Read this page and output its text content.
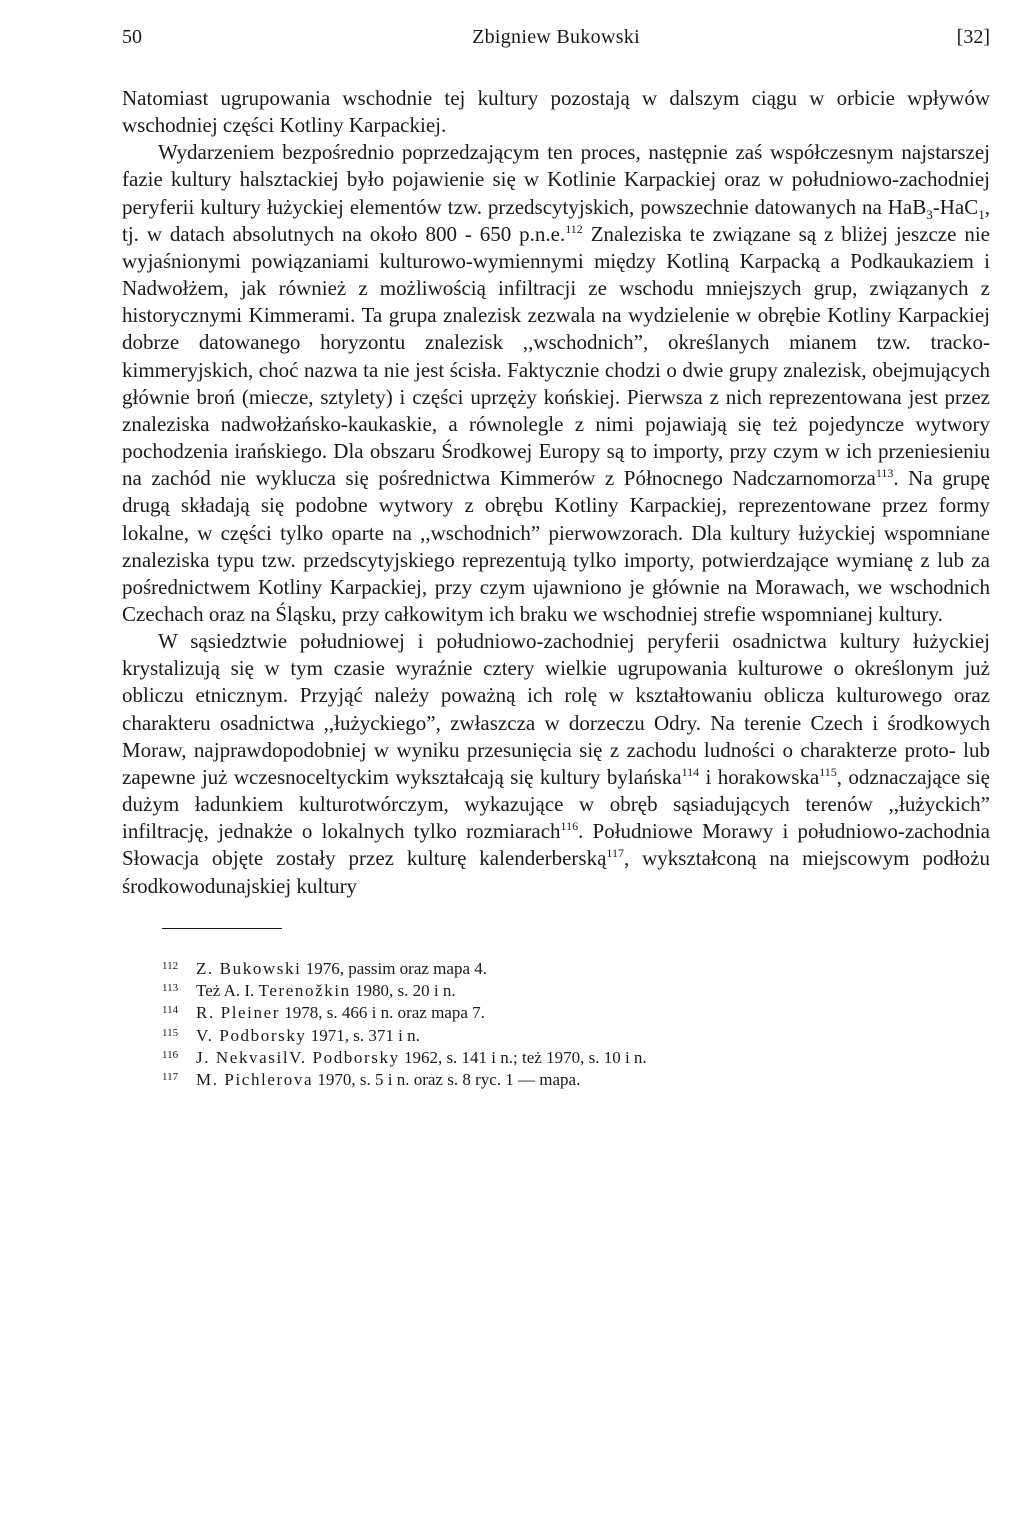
50	Zbigniew Bukowski	[32]

Natomiast ugrupowania wschodnie tej kultury pozostają w dalszym ciągu w orbicie wpływów wschodniej części Kotliny Karpackiej.

Wydarzeniem bezpośrednio poprzedzającym ten proces, następnie zaś współczesnym najstarszej fazie kultury halsztackiej było pojawienie się w Kotlinie Karpackiej oraz w południowo-zachodniej peryferii kultury łużyckiej elementów tzw. przedscytyjskich, powszechnie datowanych na HaB$_3$-HaC$_1$, tj. w datach absolutnych na około 800 - 650 p.n.e.$^{112}$ Znaleziska te związane są z bliżej jeszcze nie wyjaśnionymi powiązaniami kulturowo-wymiennymi między Kotliną Karpacką a Podkaukaziem i Nadwołżem, jak również z możliwością infiltracji ze wschodu mniejszych grup, związanych z historycznymi Kimmerami. Ta grupa znalezisk zezwala na wydzielenie w obrębie Kotliny Karpackiej dobrze datowanego horyzontu znalezisk ,,wschodnich”, określanych mianem tzw. tracko-kimmeryjskich, choć nazwa ta nie jest ścisła. Faktycznie chodzi o dwie grupy znalezisk, obejmujących głównie broń (miecze, sztylety) i części uprzęży końskiej. Pierwsza z nich reprezentowana jest przez znaleziska nadwołżańsko-kaukaskie, a równolegle z nimi pojawiają się też pojedyncze wytwory pochodzenia irańskiego. Dla obszaru Środkowej Europy są to importy, przy czym w ich przeniesieniu na zachód nie wyklucza się pośrednictwa Kimmerów z Północnego Nadczarnomorza$^{113}$. Na grupę drugą składają się podobne wytwory z obrębu Kotliny Karpackiej, reprezentowane przez formy lokalne, w części tylko oparte na ,,wschodnich” pierwowzorach. Dla kultury łużyckiej wspomniane znaleziska typu tzw. przedscytyjskiego reprezentują tylko importy, potwierdzające wymianę z lub za pośrednictwem Kotliny Karpackiej, przy czym ujawniono je głównie na Morawach, we wschodnich Czechach oraz na Śląsku, przy całkowitym ich braku we wschodniej strefie wspomnianej kultury.

W sąsiedztwie południowej i południowo-zachodniej peryferii osadnictwa kultury łużyckiej krystalizują się w tym czasie wyraźnie cztery wielkie ugrupowania kulturowe o określonym już obliczu etnicznym. Przyjąć należy poważną ich rolę w kształtowaniu oblicza kulturowego oraz charakteru osadnictwa ,,łużyckiego”, zwłaszcza w dorzeczu Odry. Na terenie Czech i środkowych Moraw, najprawdopodobniej w wyniku przesunięcia się z zachodu ludności o charakterze proto- lub zapewne już wczesnoceltyckim wykształcają się kultury bylańska$^{114}$ i horakowska$^{115}$, odznaczające się dużym ładunkiem kulturotwórczym, wykazujące w obręb sąsiadujących terenów ,,łużyckich” infiltrację, jednakże o lokalnych tylko rozmiarach$^{116}$. Południowe Morawy i południowo-zachodnia Słowacja objęte zostały przez kulturę kalenderberską$^{117}$, wykształconą na miejscowym podłożu środkowodunajskiej kultury

112 Z. Bukowski 1976, passim oraz mapa 4.
113 Też A. I. Terenožkin 1980, s. 20 i n.
114 R. Pleiner 1978, s. 466 i n. oraz mapa 7.
115 V. Podborsky 1971, s. 371 i n.
116 J. NekvasilV. Podborsky 1962, s. 141 i n.; też 1970, s. 10 i n.
117 M. Pichlerova 1970, s. 5 i n. oraz s. 8 ryc. 1 — mapa.
